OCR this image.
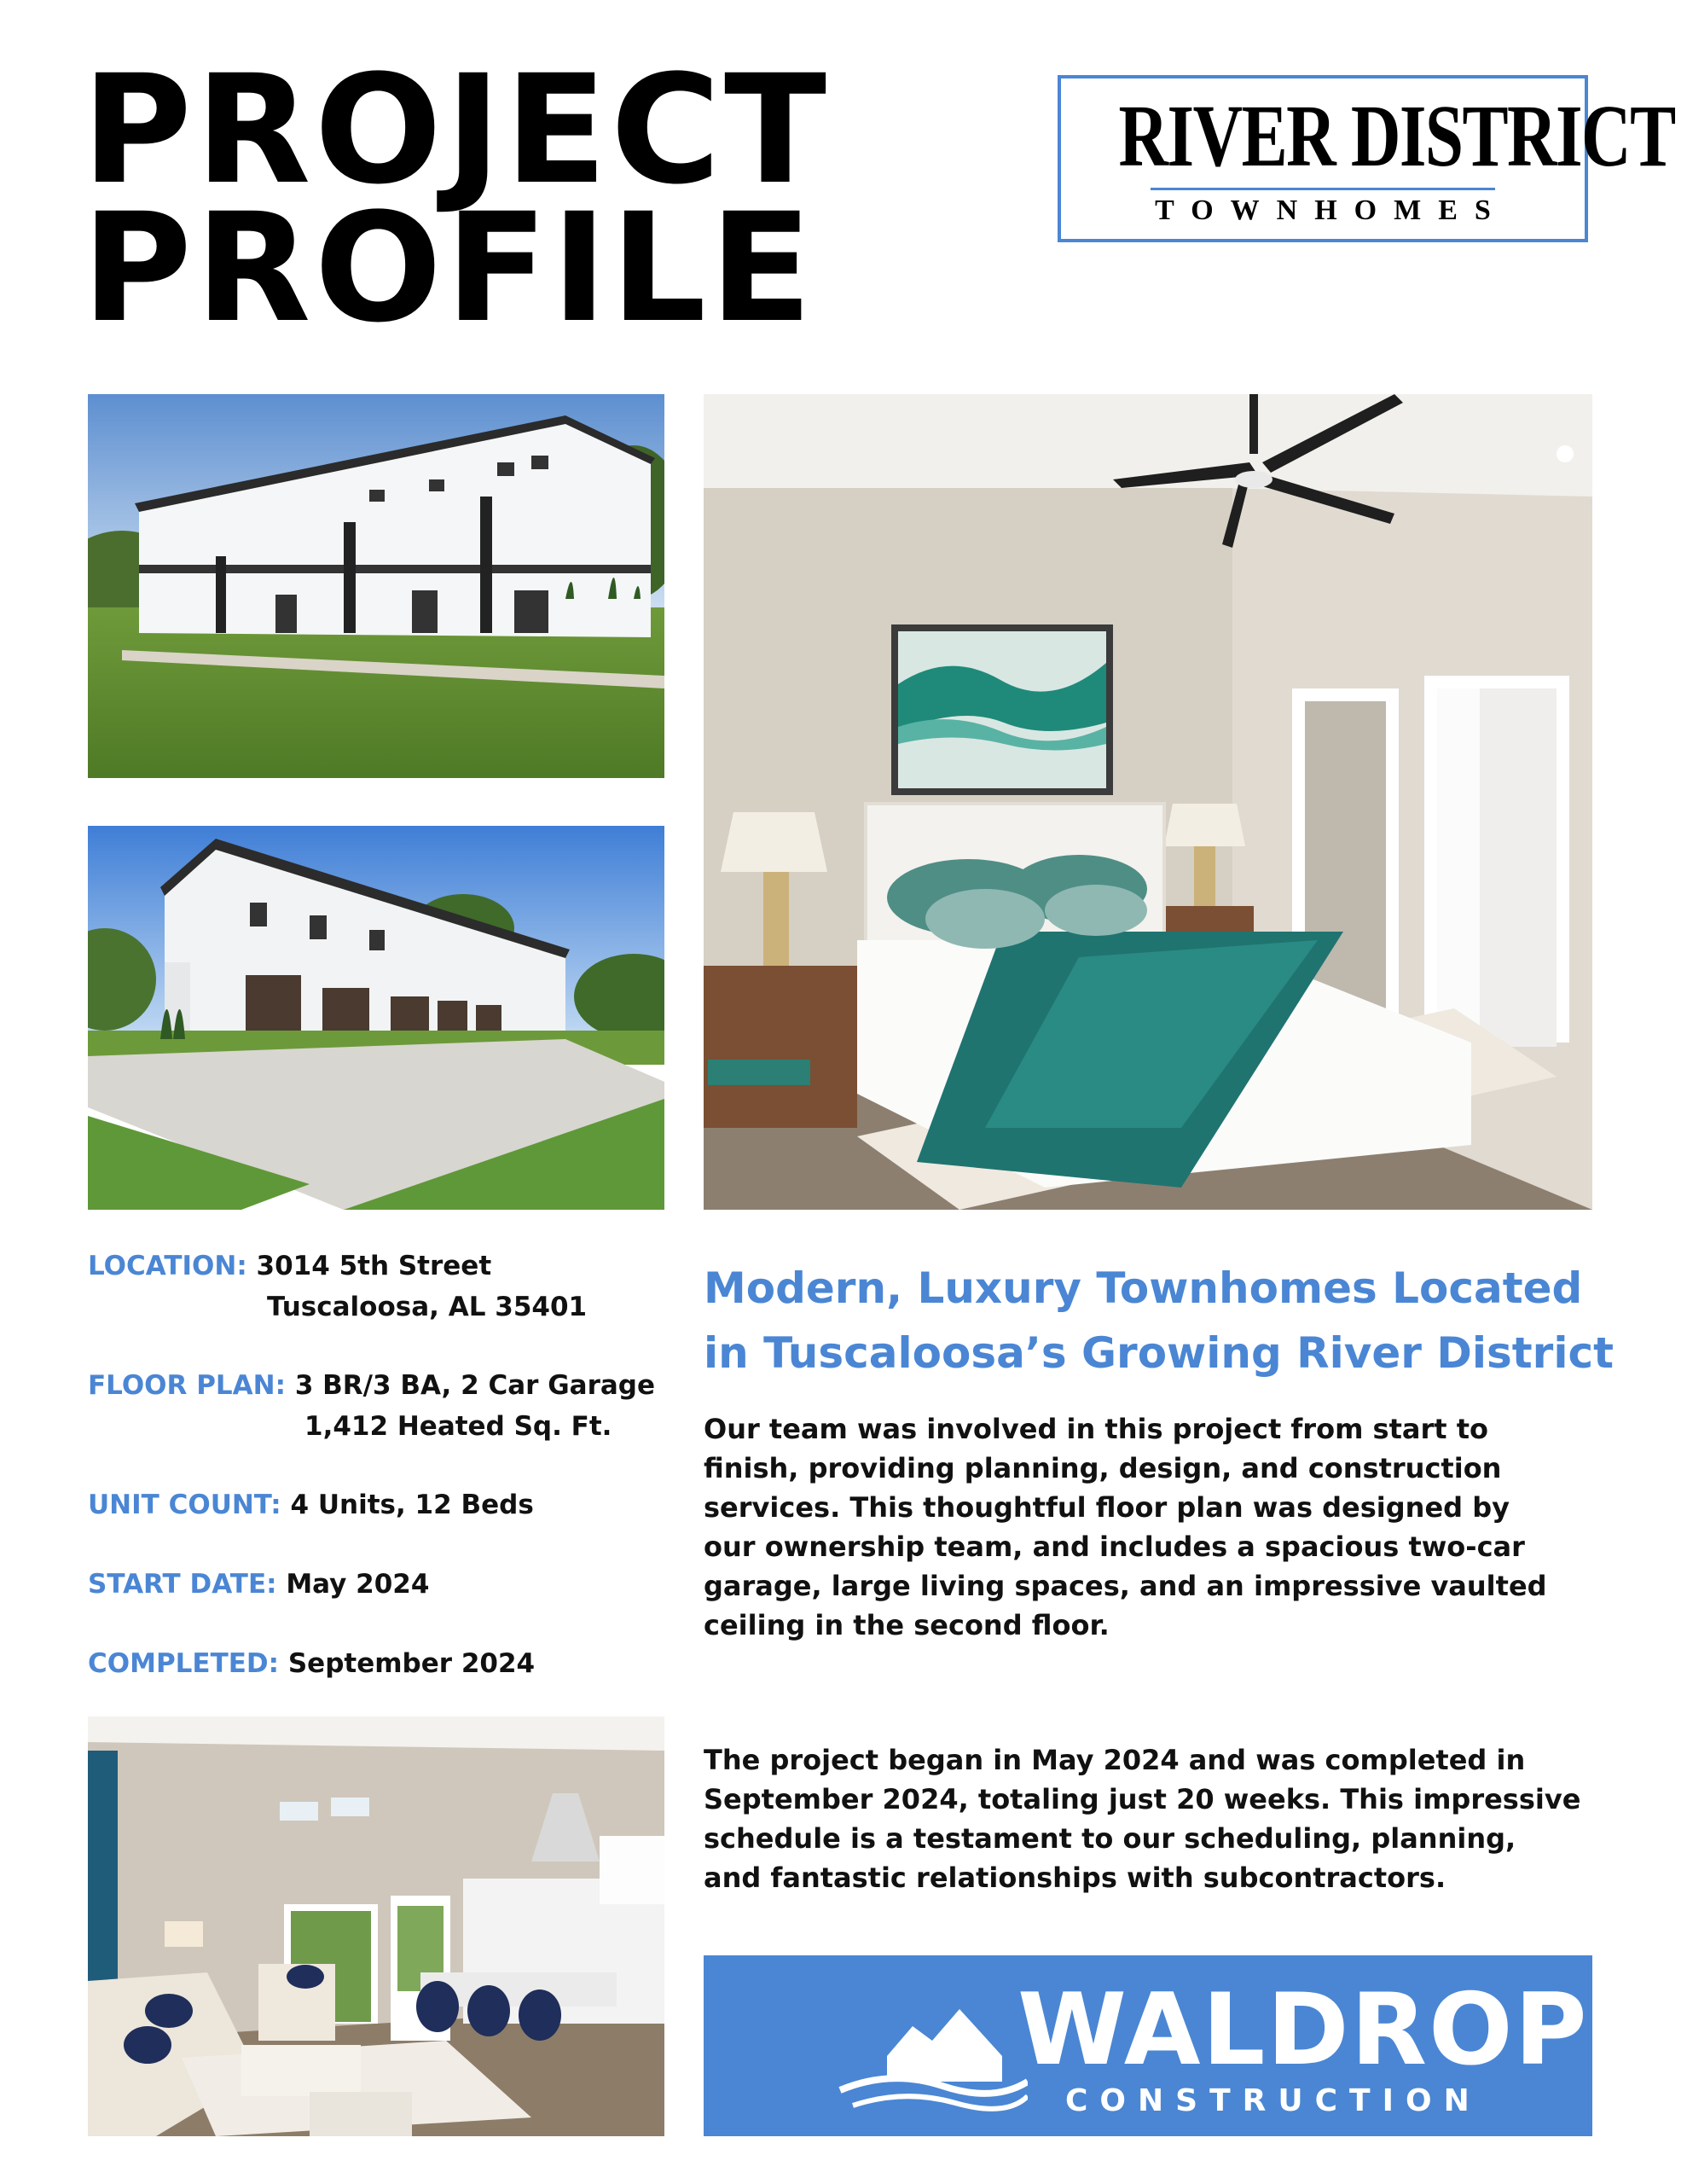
PROJECT
PROFILE
RIVER DISTRICT
TOWNHOMES
LOCATION: 3014 5th Street
Tuscaloosa, AL 35401
FLOOR PLAN: 3 BR/3 BA, 2 Car Garage
1,412 Heated Sq. Ft.
UNIT COUNT: 4 Units, 12 Beds
START DATE: May 2024
COMPLETED: September 2024
Modern, Luxury Townhomes Located
in Tuscaloosa’s Growing River District
Our team was involved in this project from start to
finish, providing planning, design, and construction
services. This thoughtful floor plan was designed by
our ownership team, and includes a spacious two-car
garage, large living spaces, and an impressive vaulted
ceiling in the second floor.
The project began in May 2024 and was completed in
September 2024, totaling just 20 weeks. This impressive
schedule is a testament to our scheduling, planning,
and fantastic relationships with subcontractors.
WALDROP
CONSTRUCTION
